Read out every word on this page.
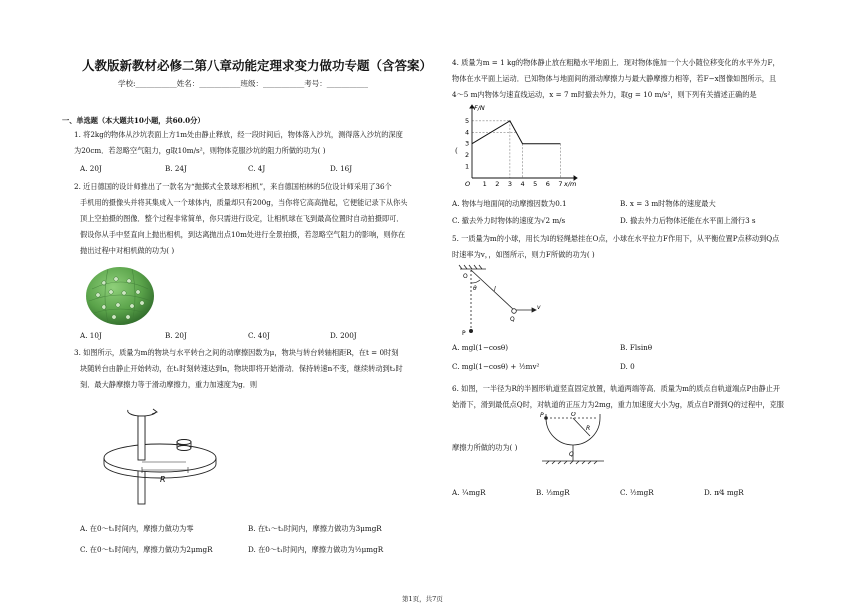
人教版新教材必修二第八章动能定理求变力做功专题（含答案）
学校:___________姓名：___________班级：___________考号：___________
一、单选题（本大题共10小题，共60.0分）
1. 将2kg的物体从沙坑表面上方1m处由静止释放，经一段时间后，物体落入沙坑，测得落入沙坑的深度
为20cm．若忽略空气阻力，g取10m/s²，则物体克服沙坑的阻力所做的功为( )
A. 20J	B. 24J	C. 4J	D. 16J
2. 近日德国的设计师推出了一款名为“抛掷式全景球形相机”，来自德国柏林的5位设计师采用了36个
手机用的摄像头并将其集成入一个球体内，质量却只有200g，当你将它高高抛起，它便能记录下从你头
顶上空拍摄的图像．整个过程非常简单，你只需进行设定，让相机球在飞到最高位置时自动拍摄即可．
假设你从手中竖直向上抛出相机，到达离抛出点10m处进行全景拍摄，若忽略空气阻力的影响，则你在
抛出过程中对相机做的功为( )
A. 10J	B. 20J	C. 40J	D. 200J
3. 如图所示，质量为m的物块与水平转台之间的动摩擦因数为μ，物块与转台转轴相距R，在t = 0时刻
块随转台由静止开始转动，在t₁时刻转速达到n，物块即将开始滑动．保持转速n不变，继续转动到t₂时
刻．最大静摩擦力等于滑动摩擦力，重力加速度为g．则
R
A. 在0～t₁时间内，摩擦力做功为零	B. 在t₁～t₂时间内，摩擦力做功为3μmgR
C. 在0～t₁时间内，摩擦力做功为2μmgR	D. 在0～t₁时间内，摩擦力做功为½μmgR
4. 质量为m = 1 kg的物体静止放在粗糙水平地面上．现对物体施加一个大小随位移变化的水平外力F，
物体在水平面上运动．已知物体与地面间的滑动摩擦力与最大静摩擦力相等，若F−x图像如图所示，且
4～5 m内物体匀速直线运动，x = 7 m时撤去外力，取g = 10 m/s²，则下列有关描述正确的是
(
1 2 3 4 5 6 7
1
2
3
4
5
F/N
x/m
O
A. 物体与地面间的动摩擦因数为0.1	B. x = 3 m时物体的速度最大
C. 撤去外力时物体的速度为√2 m/s	D. 撤去外力后物体还能在水平面上滑行3 s
5. 一质量为m的小球，用长为l的轻绳悬挂在O点，小球在水平拉力F作用下，从平衡位置P点移动到Q点
时速率为v，，如图所示，则力F所做的功为( )
O
θ	l
P
Q
v
A. mgl(1−cosθ)	B. Flsinθ
C. mgl(1−cosθ) + ½mv²	D. 0
6. 如图，一半径为R的半圆形轨道竖直固定放置，轨道两端等高．质量为m的质点自轨道端点P由静止开
始滑下，滑到最低点Q时，对轨道的正压力为2mg，重力加速度大小为g，质点自P滑到Q的过程中，克服
摩擦力所做的功为( )
P	O
R
Q
A. ¼mgR	B. ⅓mgR	C. ½mgR	D. π⁄4 mgR
第1页，共7页
